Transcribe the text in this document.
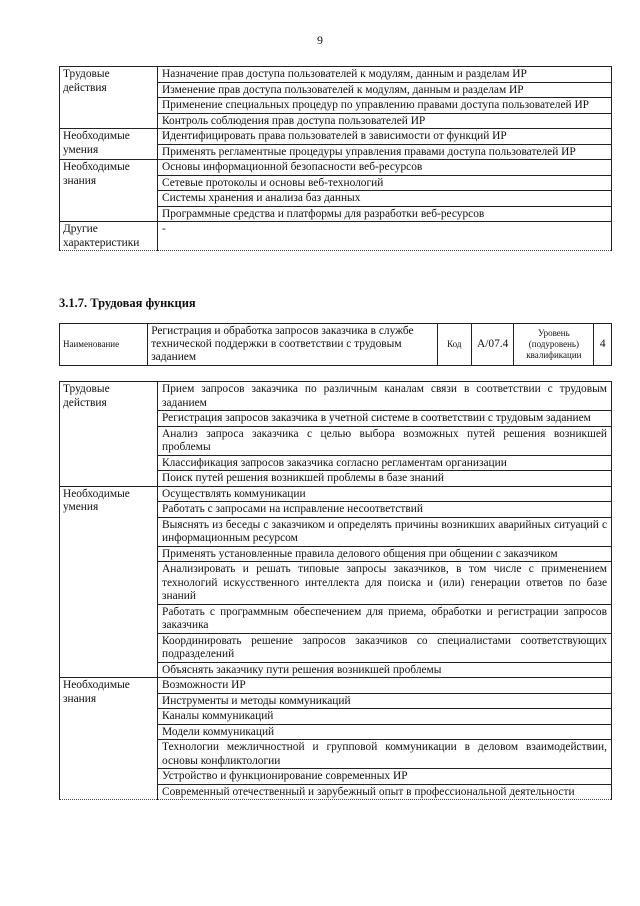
9
Трудовые действия	Назначение прав доступа пользователей к модулям, данным и разделам ИР
	Изменение прав доступа пользователей к модулям, данным и разделам ИР
	Применение специальных процедур по управлению правами доступа пользователей ИР
	Контроль соблюдения прав доступа пользователей ИР
Необходимые умения	Идентифицировать права пользователей в зависимости от функций ИР
	Применять регламентные процедуры управления правами доступа пользователей ИР
Необходимые знания	Основы информационной безопасности веб-ресурсов
	Сетевые протоколы и основы веб-технологий
	Системы хранения и анализа баз данных
	Программные средства и платформы для разработки веб-ресурсов
Другие характеристики	-
3.1.7. Трудовая функция
Наименование	Регистрация и обработка запросов заказчика в службе технической поддержки в соответствии с трудовым заданием	Код	А/07.4	Уровень (подуровень) квалификации	4
Трудовые действия	Прием запросов заказчика по различным каналам связи в соответствии с трудовым заданием
	Регистрация запросов заказчика в учетной системе в соответствии с трудовым заданием
	Анализ запроса заказчика с целью выбора возможных путей решения возникшей проблемы
	Классификация запросов заказчика согласно регламентам организации
	Поиск путей решения возникшей проблемы в базе знаний
Необходимые умения	Осуществлять коммуникации
	Работать с запросами на исправление несоответствий
	Выяснять из беседы с заказчиком и определять причины возникших аварийных ситуаций с информационным ресурсом
	Применять установленные правила делового общения при общении с заказчиком
	Анализировать и решать типовые запросы заказчиков, в том числе с применением технологий искусственного интеллекта для поиска и (или) генерации ответов по базе знаний
	Работать с программным обеспечением для приема, обработки и регистрации запросов заказчика
	Координировать решение запросов заказчиков со специалистами соответствующих подразделений
	Объяснять заказчику пути решения возникшей проблемы
Необходимые знания	Возможности ИР
	Инструменты и методы коммуникаций
	Каналы коммуникаций
	Модели коммуникаций
	Технологии межличностной и групповой коммуникации в деловом взаимодействии, основы конфликтологии
	Устройство и функционирование современных ИР
	Современный отечественный и зарубежный опыт в профессиональной деятельности
